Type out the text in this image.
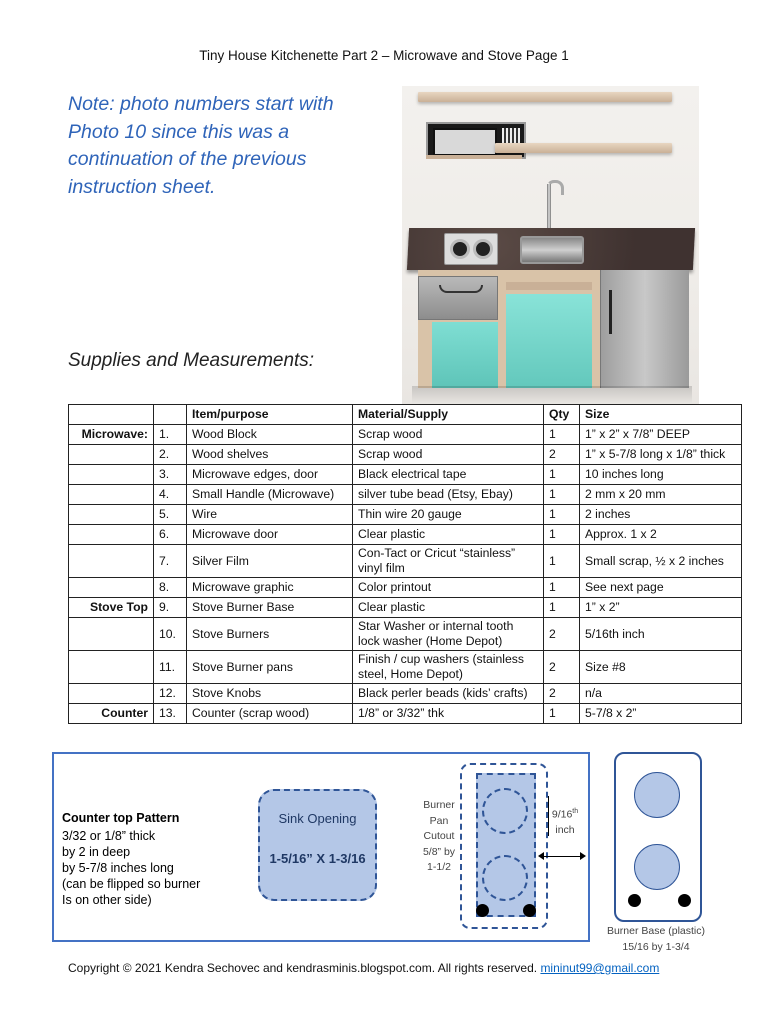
Tiny House Kitchenette Part 2 – Microwave and Stove Page 1
Note: photo numbers start with
Photo 10 since this was a
continuation of the previous
instruction sheet.
Supplies and Measurements:
		Item/purpose	Material/Supply	Qty	Size
Microwave:	1.	Wood Block	Scrap wood	1	1” x 2” x 7/8” DEEP
	2.	Wood shelves	Scrap wood	2	1” x 5-7/8 long x 1/8” thick
	3.	Microwave edges, door	Black electrical tape	1	10 inches long
	4.	Small Handle (Microwave)	silver tube bead (Etsy, Ebay)	1	2 mm x 20 mm
	5.	Wire	Thin wire 20 gauge	1	2 inches
	6.	Microwave door	Clear plastic	1	Approx. 1 x 2
	7.	Silver Film	Con-Tact or Cricut “stainless” vinyl film	1	Small scrap, ½ x 2 inches
	8.	Microwave graphic	Color printout	1	See next page
Stove Top	9.	Stove Burner Base	Clear plastic	1	1” x 2”
	10.	Stove Burners	Star Washer or internal tooth lock washer (Home Depot)	2	5/16th inch
	11.	Stove Burner pans	Finish / cup washers (stainless steel, Home Depot)	2	Size #8
	12.	Stove Knobs	Black perler beads (kids’ crafts)	2	n/a
Counter	13.	Counter (scrap wood)	1/8” or 3/32” thk	1	5-7/8 x 2”
Counter top Pattern
3/32 or 1/8” thick
by 2 in deep
by 5-7/8 inches long
(can be flipped so burner
Is on other side)
Sink Opening
1-5/16” X 1-3/16
Burner
Pan
Cutout
5/8” by
1-1/2
9/16th
inch
Burner Base (plastic)
15/16 by 1-3/4
Copyright © 2021 Kendra Sechovec and kendrasminis.blogspot.com. All rights reserved. mininut99@gmail.com
